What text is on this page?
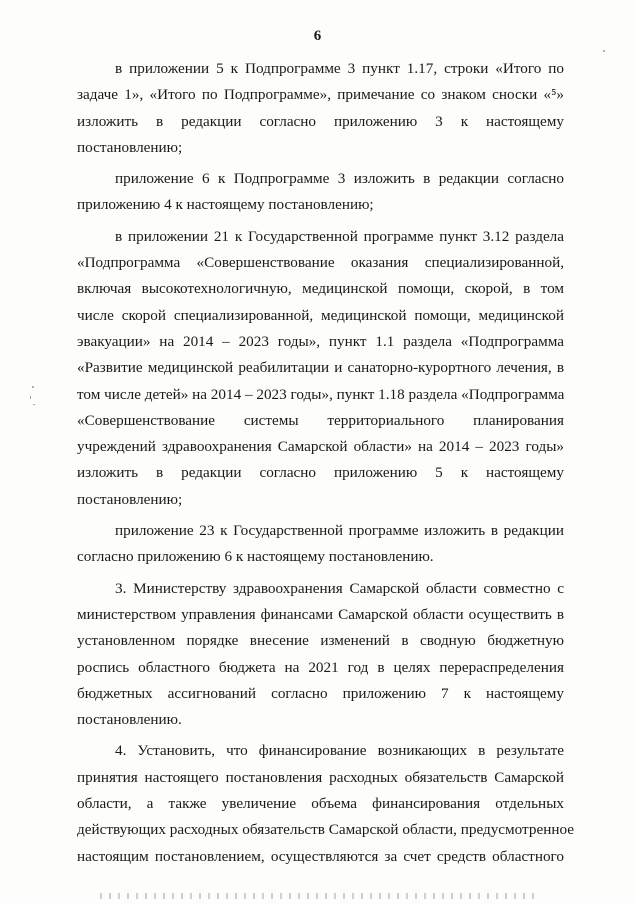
6
в приложении 5 к Подпрограмме 3 пункт 1.17, строки «Итого по
задаче 1», «Итого по Подпрограмме», примечание со знаком сноски «⁵»
изложить в редакции согласно приложению 3 к настоящему
постановлению;
приложение 6 к Подпрограмме 3 изложить в редакции согласно
приложению 4 к настоящему постановлению;
в приложении 21 к Государственной программе пункт 3.12 раздела
«Подпрограмма «Совершенствование оказания специализированной,
включая высокотехнологичную, медицинской помощи, скорой, в том
числе скорой специализированной, медицинской помощи, медицинской
эвакуации» на 2014 – 2023 годы», пункт 1.1 раздела «Подпрограмма
«Развитие медицинской реабилитации и санаторно-курортного лечения, в
том числе детей» на 2014 – 2023 годы», пункт 1.18 раздела «Подпрограмма
«Совершенствование системы территориального планирования
учреждений здравоохранения Самарской области» на 2014 – 2023 годы»
изложить в редакции согласно приложению 5 к настоящему
постановлению;
приложение 23 к Государственной программе изложить в редакции
согласно приложению 6 к настоящему постановлению.
3. Министерству здравоохранения Самарской области совместно с
министерством управления финансами Самарской области осуществить в
установленном порядке внесение изменений в сводную бюджетную
роспись областного бюджета на 2021 год в целях перераспределения
бюджетных ассигнований согласно приложению 7 к настоящему
постановлению.
4. Установить, что финансирование возникающих в результате
принятия настоящего постановления расходных обязательств Самарской
области, а также увеличение объема финансирования отдельных
действующих расходных обязательств Самарской области, предусмотренное
настоящим постановлением, осуществляются за счет средств областного
